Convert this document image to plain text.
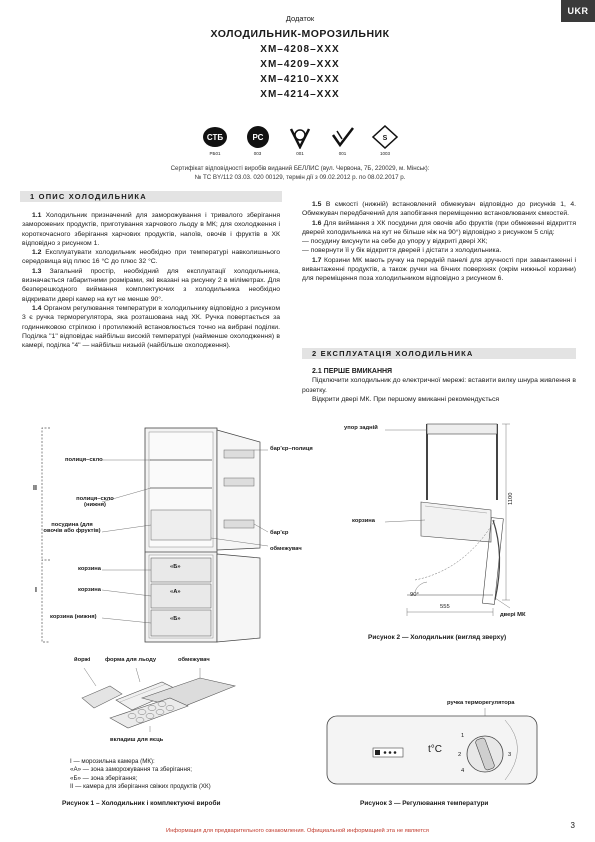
UKR
Додаток
ХОЛОДИЛЬНИК-МОРОЗИЛЬНИК
ХМ–4208–ХХХ
ХМ–4209–ХХХ
ХМ–4210–ХХХ
ХМ–4214–ХХХ
СТБ
РБ01
РС
003	001	001
S
1003
Сертифікат відповідності виробів виданий БЕЛЛИС (вул. Червона, 7Б, 220029, м. Мінськ):
№ ТС BY/112 03.03. 020 00129, термін дії з 09.02.2012 р. по 08.02.2017 р.
1 ОПИС ХОЛОДИЛЬНИКА

1.1 Холодильник призначений для заморожування і тривалого зберігання заморожених продуктів, приготування харчового льоду в МК; для охолодження і короткочасного зберігання харчових продуктів, напоїв, овочів і фруктів в ХК відповідно з рисунком 1.

1.2 Експлуатувати холодильник необхідно при температурі навколишнього середовища від плюс 16 °С до плюс 32 °С.

1.3 Загальний простір, необхідний для експлуатації холодильника, визначається габаритними розмірами, які вказані на рисунку 2 в міліметрах. Для безперешкодного виймання комплектуючих з холодильника необхідно відкривати двері камер на кут не менше 90°.

1.4 Органом регулювання температури в холодильнику відповідно з рисунком 3 є ручка терморегулятора, яка розташована над ХК. Ручка повертається за годинниковою стрілкою і протилежній встановлюється точно на вибрані поділки. Поділка "1" відповідає найбільш високій температурі (найменше охолодження) в камері, поділка "4" — найбільш низькій (найбільше охолодження).

1.5 В ємкості (нижній) встановлений обмежувач відповідно до рисунків 1, 4. Обмежувач передбачений для запобігання переміщенню встановлюваних ємкостей.

1.6 Для виймання з ХК посудини для овочів або фруктів (при обмеженні відкриття дверей холодильника на кут не більше ніж на 90°) відповідно з рисунком 5 слід:

— посудину висунути на себе до упору у відкриті двері ХК;

— повернути її у бік відкриття дверей і дістати з холодильника.

1.7 Корзини МК мають ручку на передній панелі для зручності при завантаженні і вивантаженні продуктів, а також ручки на бічних поверхнях (окрім нижньої корзини) для переміщення поза холодильником відповідно з рисунком 6.

2 ЕКСПЛУАТАЦІЯ ХОЛОДИЛЬНИКА
2.1 ПЕРШЕ ВМИКАННЯ

Підключити холодильник до електричної мережі: вставити вилку шнура живлення в розетку.

Відкрити двері МК. При першому вмиканні рекомендується

полиця–скло
полиця–скло
(нижня)
посудина (для
овочів або фруктів)
корзина
корзина
корзина (нижня)
бар'єр–полиця
бар'єр
обмежувач
II
I
«Б»
«А»
«Б»
йоржі	форма для льоду	обмежувач
вкладиш для яєць
I — морозильна камера (МК):
«А» — зона заморожування та зберігання;
«Б» — зона зберігання;
II — камера для зберігання свіжих продуктів (ХК)
Рисунок 1 – Холодильник і комплектуючі вироби
упор задній
корзина
двері МК
1100
555
90°
Рисунок 2 — Холодильник (вигляд зверху)
ручка терморегулятора
t°C
1
2	3
4
Рисунок 3 — Регулювання температури
Информация для предварительного ознакомления. Официальной информацией эта не является
3
